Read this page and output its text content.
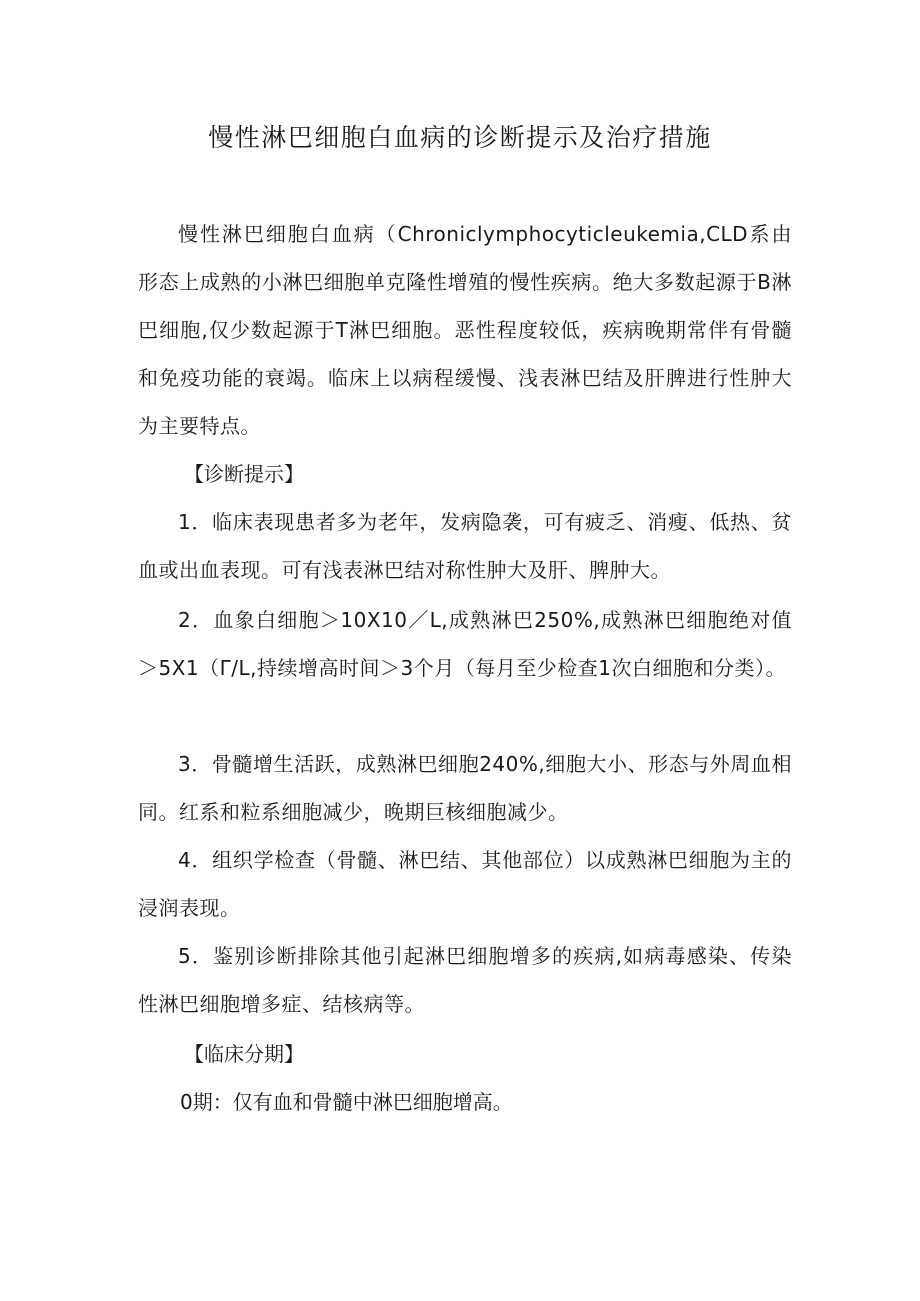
慢性淋巴细胞白血病的诊断提示及治疗措施

慢性淋巴细胞白血病（Chroniclymphocyticleukemia,CLD系由形态上成熟的小淋巴细胞单克隆性增殖的慢性疾病。绝大多数起源于B淋巴细胞,仅少数起源于T淋巴细胞。恶性程度较低，疾病晚期常伴有骨髓和免疫功能的衰竭。临床上以病程缓慢、浅表淋巴结及肝脾进行性肿大为主要特点。

【诊断提示】

1．临床表现患者多为老年，发病隐袭，可有疲乏、消瘦、低热、贫血或出血表现。可有浅表淋巴结对称性肿大及肝、脾肿大。

2．血象白细胞＞10X10／L,成熟淋巴250%,成熟淋巴细胞绝对值＞5X1（Γ/L,持续增高时间＞3个月（每月至少检查1次白细胞和分类）。

3．骨髓增生活跃，成熟淋巴细胞240%,细胞大小、形态与外周血相同。红系和粒系细胞减少，晚期巨核细胞减少。

4．组织学检查（骨髓、淋巴结、其他部位）以成熟淋巴细胞为主的浸润表现。

5．鉴别诊断排除其他引起淋巴细胞增多的疾病,如病毒感染、传染性淋巴细胞增多症、结核病等。

【临床分期】

0期：仅有血和骨髓中淋巴细胞增高。
